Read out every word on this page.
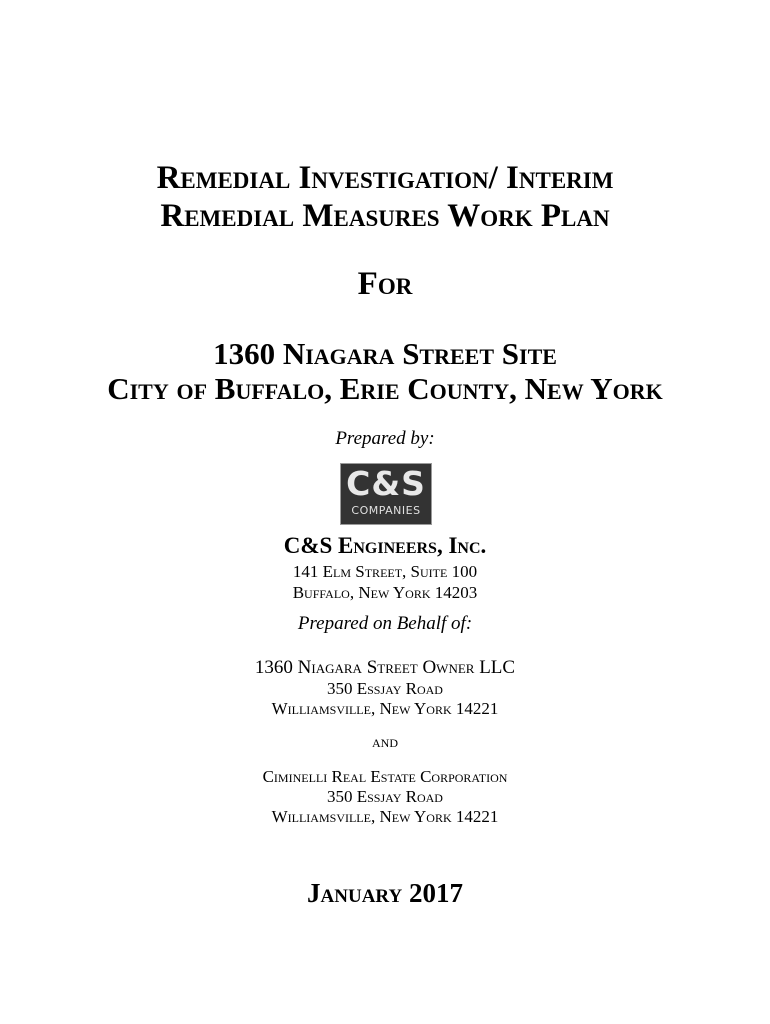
Remedial Investigation/ Interim
Remedial Measures Work Plan
For
1360 Niagara Street Site
City of Buffalo, Erie County, New York
Prepared by:
C&S
COMPANIES
C&S Engineers, Inc.
141 Elm Street, Suite 100
Buffalo, New York 14203
Prepared on Behalf of:
1360 Niagara Street Owner LLC
350 Essjay Road
Williamsville, New York 14221
and
Ciminelli Real Estate Corporation
350 Essjay Road
Williamsville, New York 14221
January 2017
